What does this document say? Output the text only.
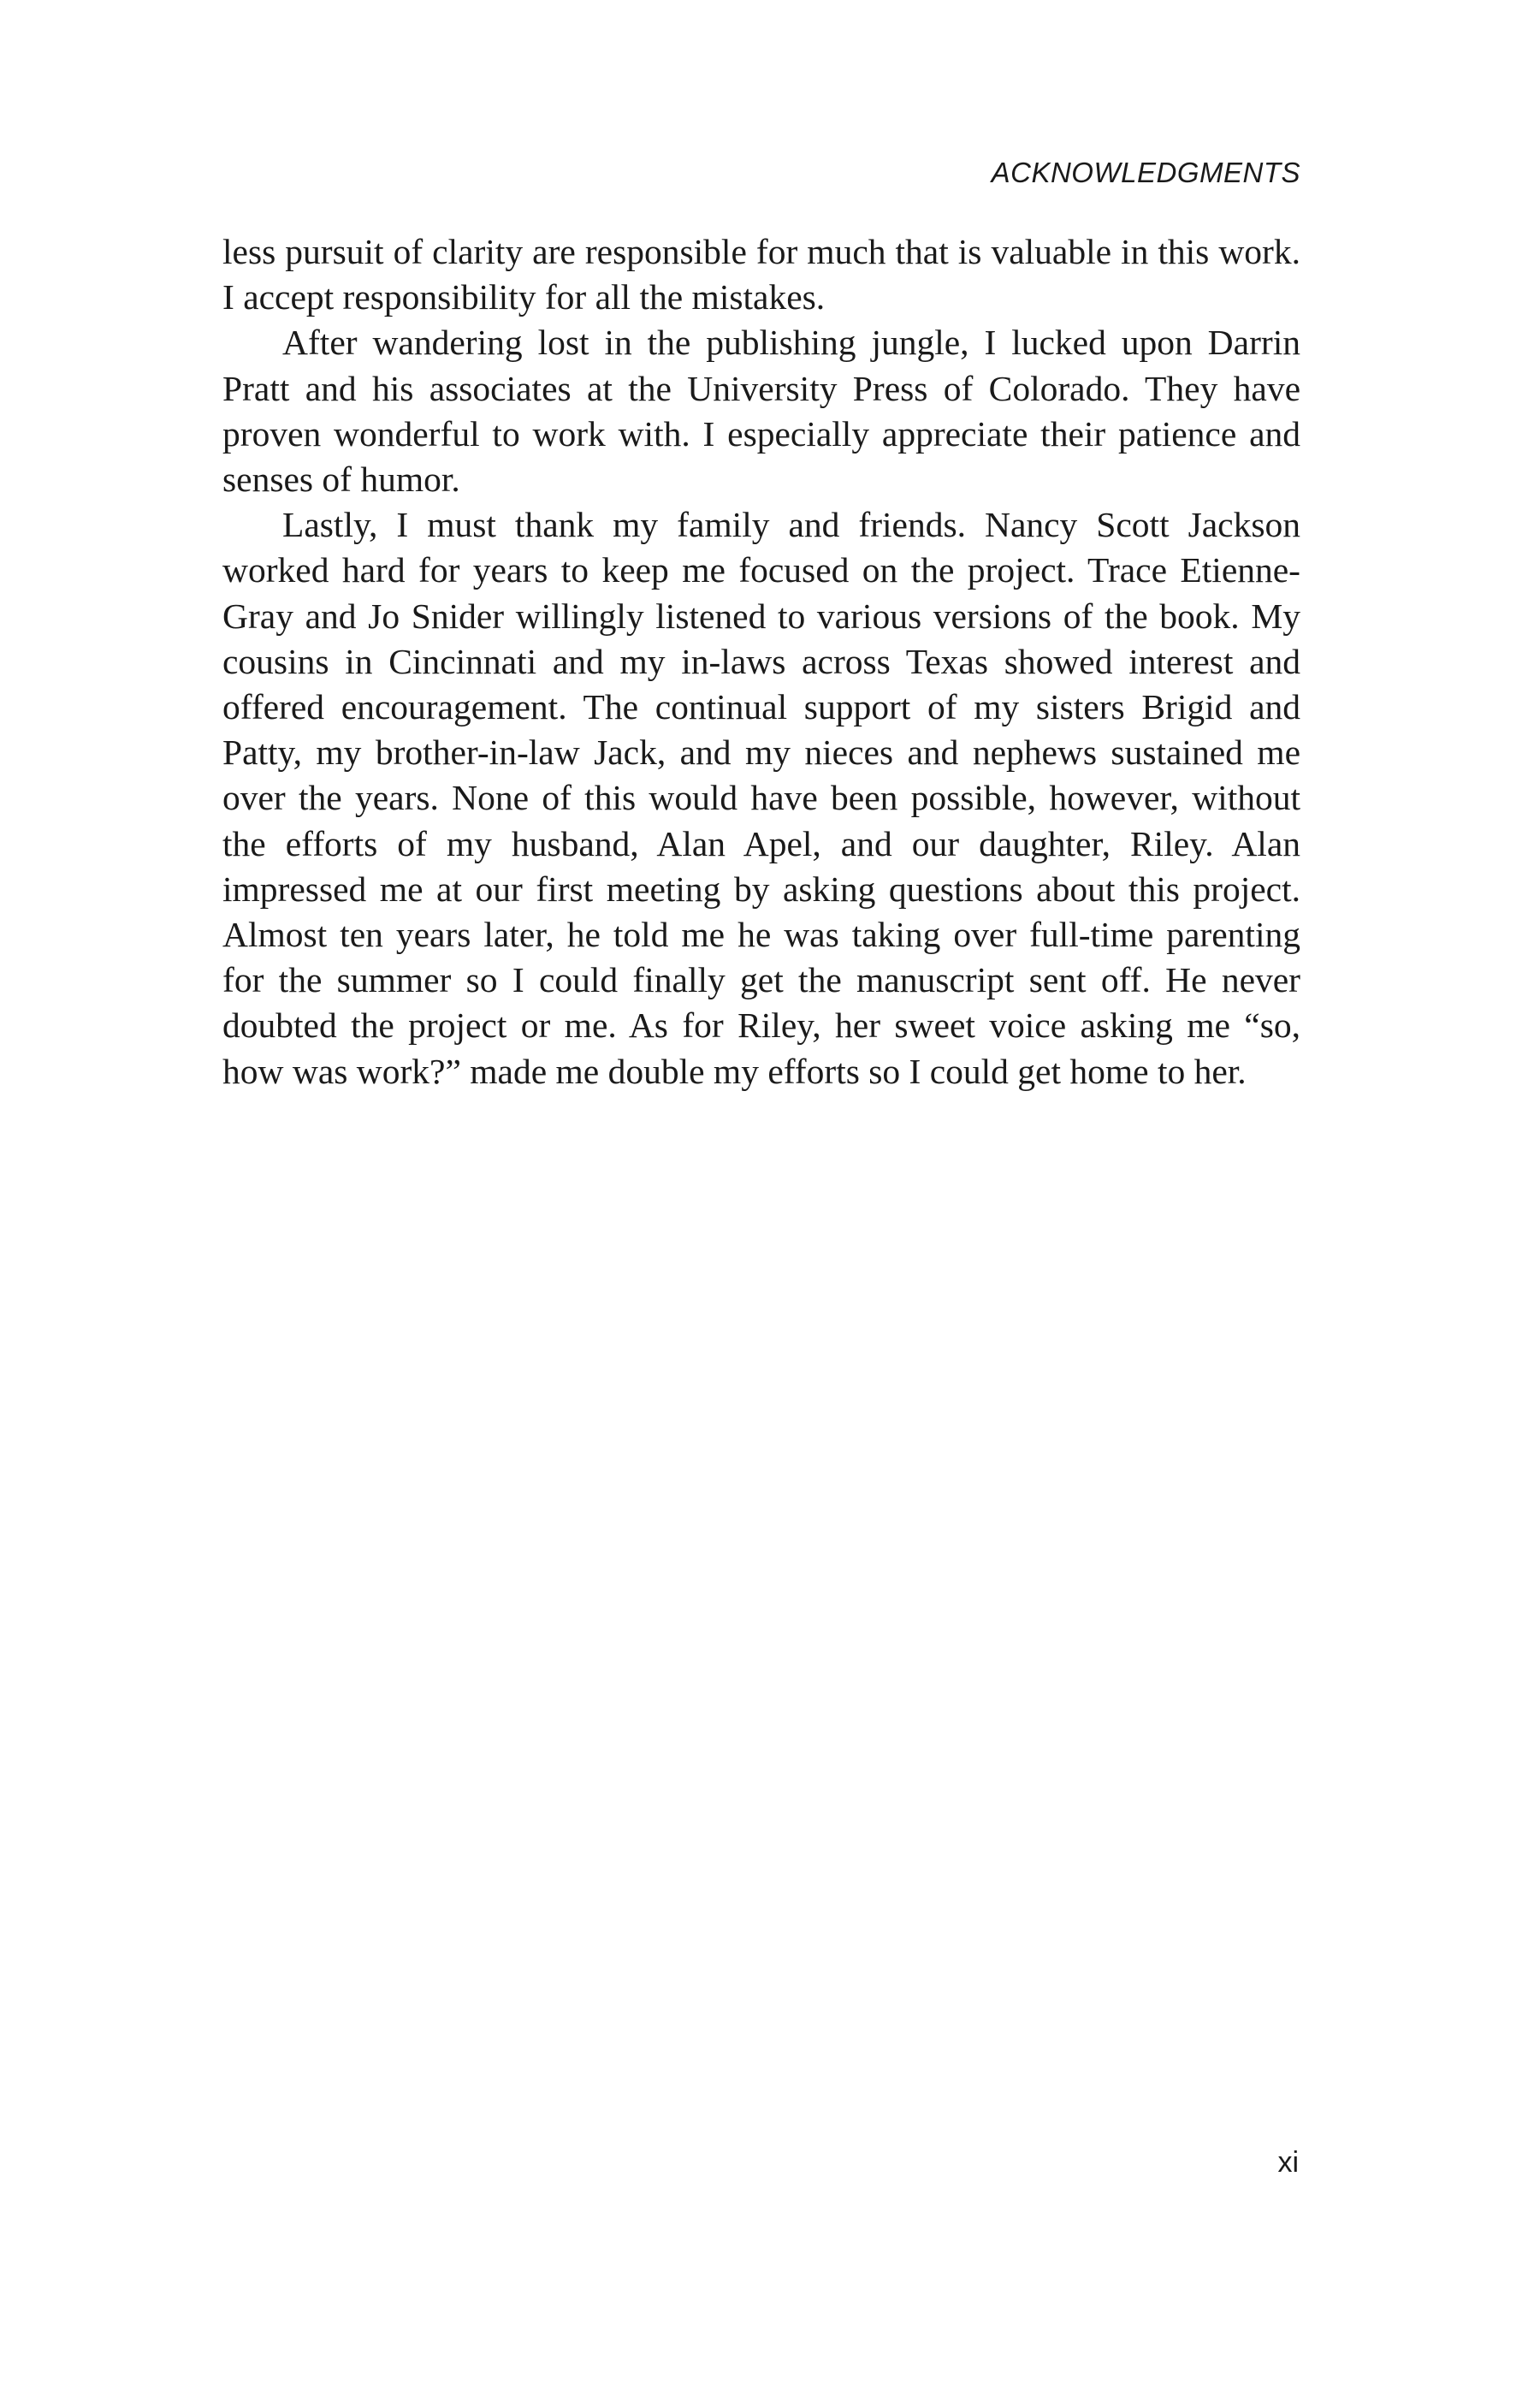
ACKNOWLEDGMENTS

less pursuit of clarity are responsible for much that is valuable in this work. I accept responsibility for all the mistakes.

After wandering lost in the publishing jungle, I lucked upon Darrin Pratt and his associates at the University Press of Colorado. They have proven wonderful to work with. I especially appreciate their patience and senses of humor.

Lastly, I must thank my family and friends. Nancy Scott Jackson worked hard for years to keep me focused on the project. Trace Etienne-Gray and Jo Snider willingly listened to various versions of the book. My cousins in Cincinnati and my in-laws across Texas showed interest and offered encouragement. The continual support of my sisters Brigid and Patty, my brother-in-law Jack, and my nieces and nephews sustained me over the years. None of this would have been possible, however, without the efforts of my husband, Alan Apel, and our daughter, Riley. Alan impressed me at our first meeting by asking questions about this project. Almost ten years later, he told me he was taking over full-time parenting for the summer so I could finally get the manuscript sent off. He never doubted the project or me. As for Riley, her sweet voice asking me “so, how was work?” made me double my efforts so I could get home to her.

xi
